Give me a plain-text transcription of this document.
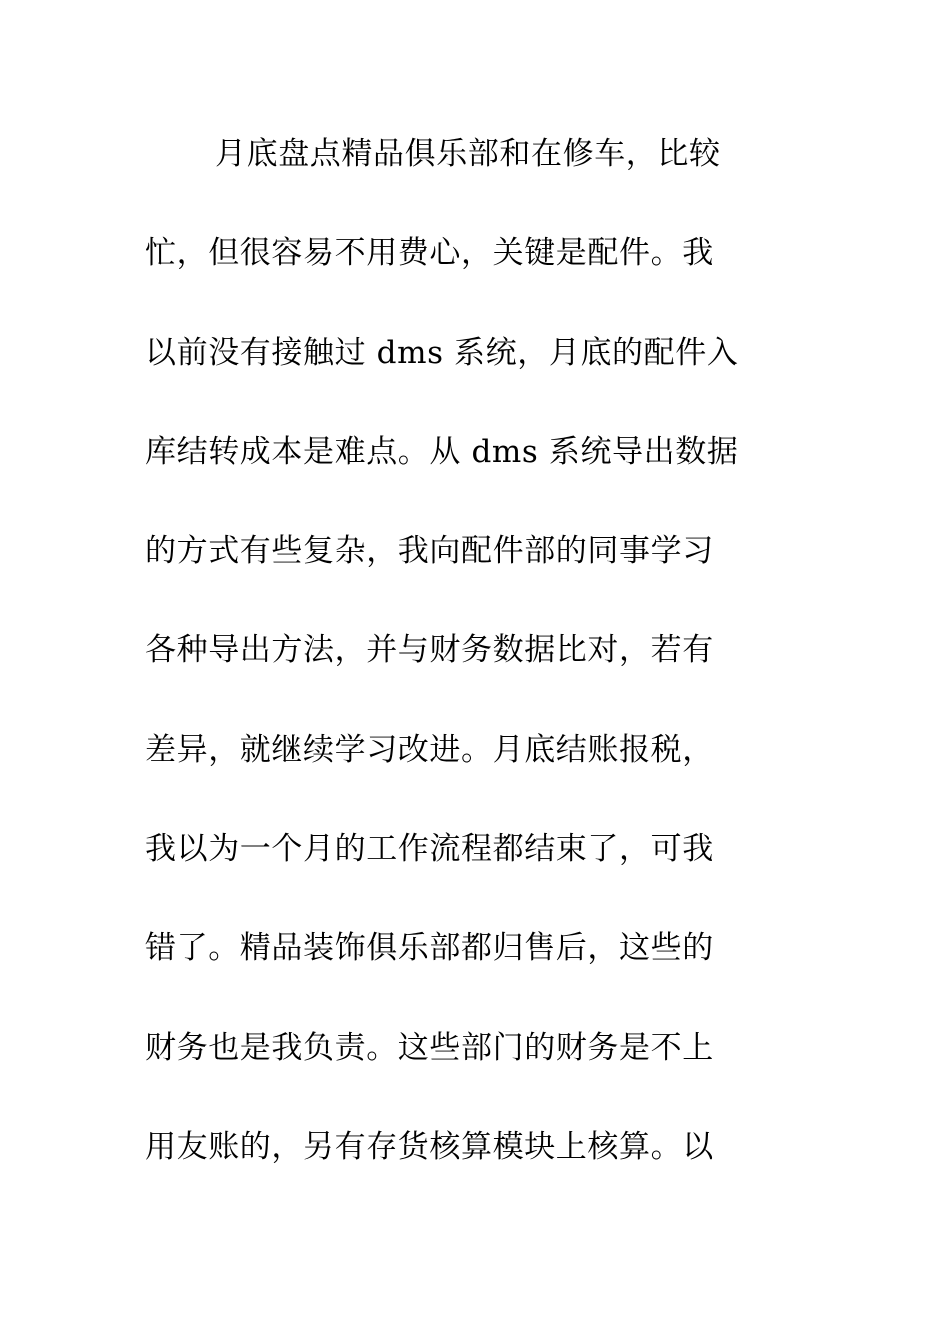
月底盘点精品俱乐部和在修车，比较
忙，但很容易不用费心，关键是配件。我
以前没有接触过 dms 系统，月底的配件入
库结转成本是难点。从 dms 系统导出数据
的方式有些复杂，我向配件部的同事学习
各种导出方法，并与财务数据比对，若有
差异，就继续学习改进。月底结账报税，
我以为一个月的工作流程都结束了，可我
错了。精品装饰俱乐部都归售后，这些的
财务也是我负责。这些部门的财务是不上
用友账的，另有存货核算模块上核算。以
